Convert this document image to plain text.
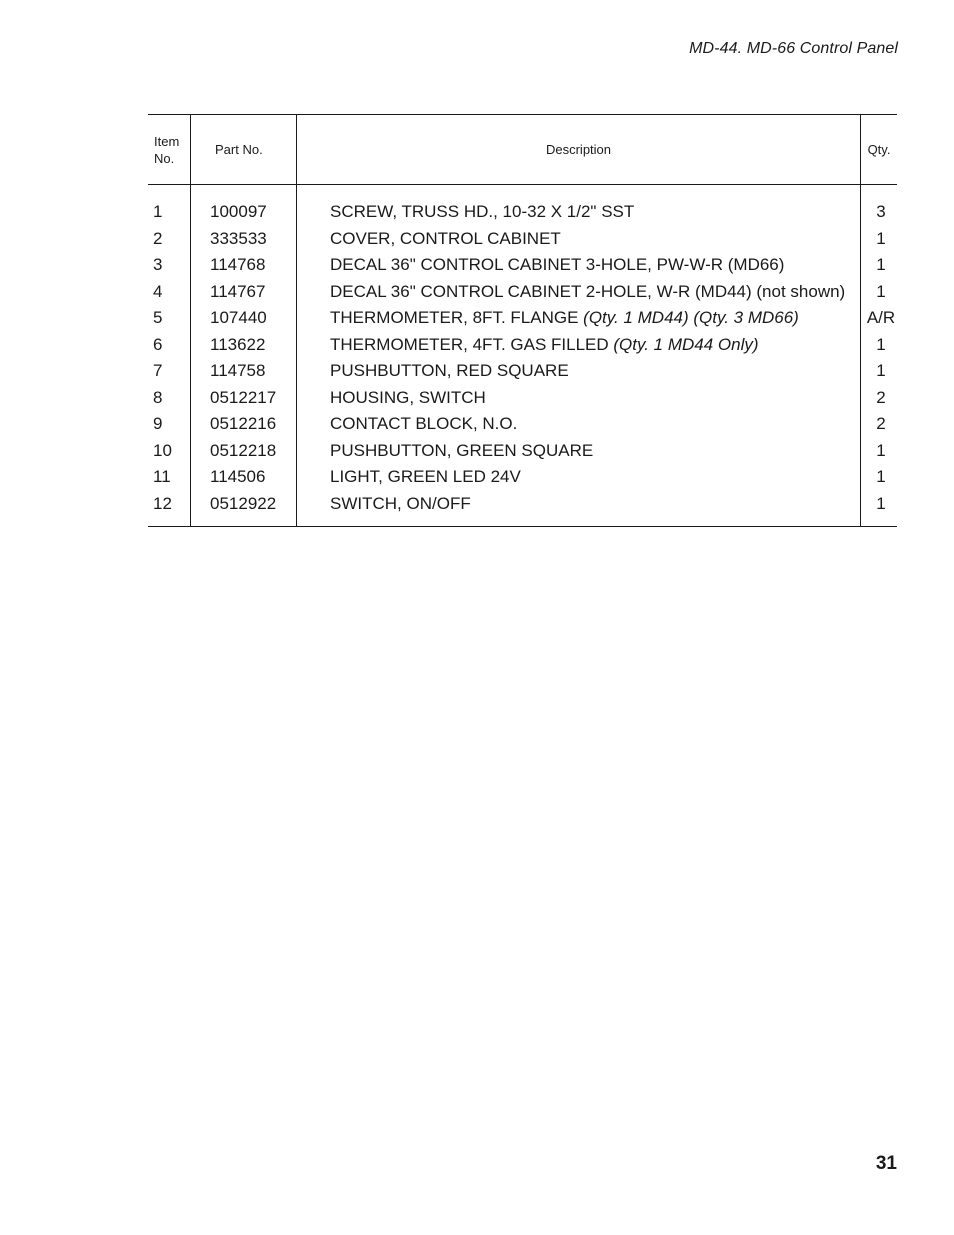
MD-44. MD-66 Control Panel
Item
No.
Part No.	Description	Qty.
1	100097	SCREW, TRUSS HD., 10-32 X 1/2" SST	3
2	333533	COVER, CONTROL CABINET	1
3	114768	DECAL 36" CONTROL CABINET 3-HOLE, PW-W-R (MD66)	1
4	114767	DECAL 36" CONTROL CABINET 2-HOLE, W-R (MD44) (not shown)	1
5	107440	THERMOMETER, 8FT. FLANGE (Qty. 1 MD44) (Qty. 3 MD66)	A/R
6	113622	THERMOMETER, 4FT. GAS FILLED (Qty. 1 MD44 Only)	1
7	114758	PUSHBUTTON, RED SQUARE	1
8	0512217	HOUSING, SWITCH	2
9	0512216	CONTACT BLOCK, N.O.	2
10 0512218	PUSHBUTTON, GREEN SQUARE	1
11 114506	LIGHT, GREEN LED 24V	1
12 0512922	SWITCH, ON/OFF	1
31
